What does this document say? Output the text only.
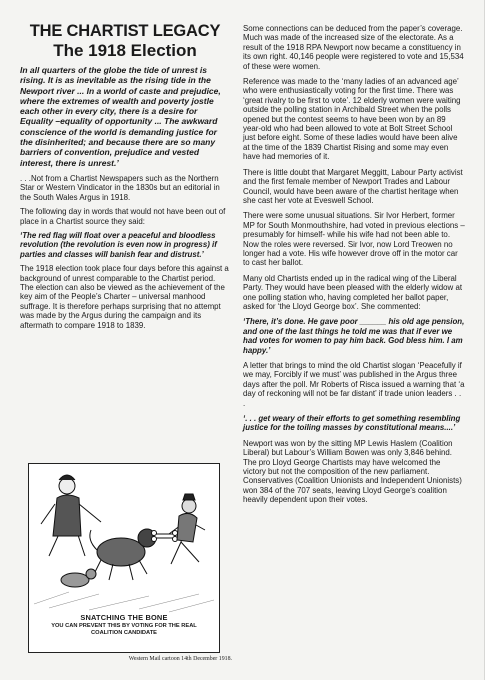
THE CHARTIST LEGACY
The 1918 Election

In all quarters of the globe the tide of unrest is rising. It is as inevitable as the rising tide in the Newport river ... In a world of caste and prejudice, where the extremes of wealth and poverty jostle each other in every city, there is a desire for Equality –equality of opportunity ... The awkward conscience of the world is demanding justice for the disinherited; and because there are so many barriers of convention, prejudice and vested interest, there is unrest.’

. . .Not from a Chartist Newspapers such as the Northern Star or Western Vindicator in the 1830s but an editorial in the South Wales Argus in 1918.

The following day in words that would not have been out of place in a Chartist source they said:

‘The red flag will float over a peaceful and bloodless revolution (the revolution is even now in progress) if parties and classes will banish fear and distrust.’

The 1918 election took place four days before this against a background of unrest comparable to the Chartist period. The election can also be viewed as the achievement of the key aim of the People’s Charter – universal manhood suffrage. It is therefore perhaps surprising that no attempt was made by the Argus during the campaign and its aftermath to compare 1918 to 1839.

SNATCHING THE BONE
YOU CAN PREVENT THIS BY VOTING FOR THE REAL
COALITION CANDIDATE
Western Mail cartoon 14th December 1918.

Some connections can be deduced from the paper’s coverage. Much was made of the increased size of the electorate. As a result of the 1918 RPA Newport now became a constituency in its own right. 40,146 people were registered to vote and 15,534 of these were women.

Reference was made to the ‘many ladies of an advanced age’ who were enthusiastically voting for the first time. There was ‘great rivalry to be first to vote’. 12 elderly women were waiting outside the polling station in Archibald Street when the polls opened but the contest seems to have been won by an 89 year-old who had been allowed to vote at Bolt Street School just before eight. Some of these ladies would have been alive at the time of the 1839 Chartist Rising and some may even have had memories of it.

There is little doubt that Margaret Meggitt, Labour Party activist and the first female member of Newport Trades and Labour Council, would have been aware of the chartist heritage when she cast her vote at Eveswell School.

There were some unusual situations. Sir Ivor Herbert, former MP for South Monmouthshire, had voted in previous elections –presumably for himself- while his wife had not been able to. Now the roles were reversed. Sir Ivor, now Lord Treowen no longer had a vote. His wife however drove off in the motor car to cast her ballot.

Many old Chartists ended up in the radical wing of the Liberal Party. They would have been pleased with the elderly widow at one polling station who, having completed her ballot paper, asked for ‘the Lloyd George box’. She commented:

‘There, it’s done. He gave poor ______ his old age pension, and one of the last things he told me was that if ever we had votes for women to pay him back. God bless him. I am happy.’

A letter that brings to mind the old Chartist slogan ‘Peacefully if we may, Forcibly if we must’ was published in the Argus three days after the poll. Mr Roberts of Risca issued a warning that ‘a day of reckoning will not be far distant’ if trade union leaders . . .

‘. . . get weary of their efforts to get something resembling justice for the toiling masses by constitutional means....’

Newport was won by the sitting MP Lewis Haslem (Coalition Liberal) but Labour’s William Bowen was only 3,846 behind. The pro Lloyd George Chartists may have welcomed the victory but not the composition of the new parliament. Conservatives (Coalition Unionists and Independent Unionists) won 384 of the 707 seats, leaving Lloyd George’s coalition heavily dependent upon their votes.
